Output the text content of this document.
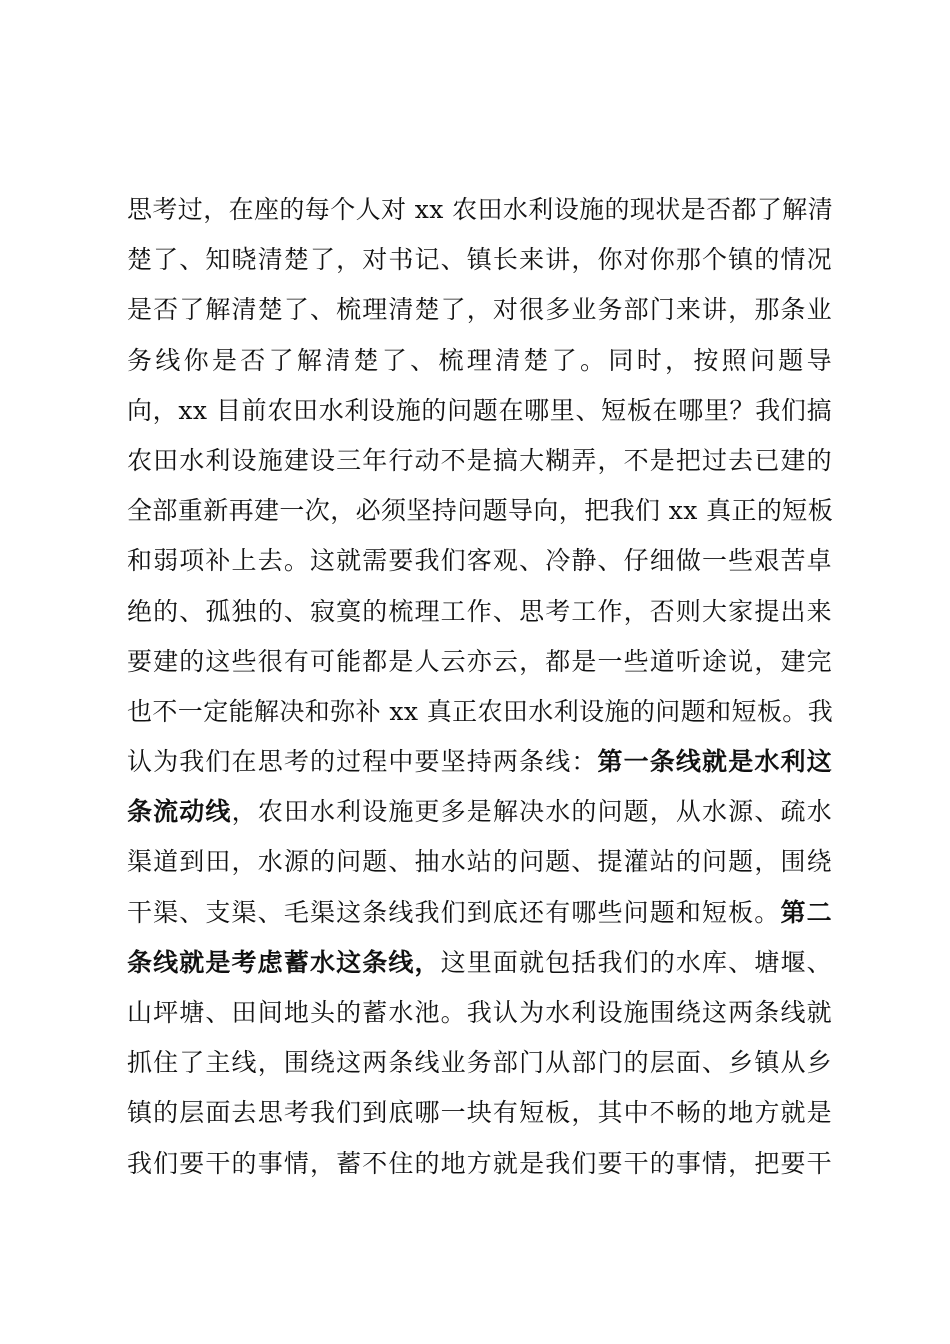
思考过，在座的每个人对 xx 农田水利设施的现状是否都了解清
楚了、知晓清楚了，对书记、镇长来讲，你对你那个镇的情况
是否了解清楚了、梳理清楚了，对很多业务部门来讲，那条业
务线你是否了解清楚了、梳理清楚了。同时，按照问题导
向，xx 目前农田水利设施的问题在哪里、短板在哪里？我们搞
农田水利设施建设三年行动不是搞大糊弄，不是把过去已建的
全部重新再建一次，必须坚持问题导向，把我们 xx 真正的短板
和弱项补上去。这就需要我们客观、冷静、仔细做一些艰苦卓
绝的、孤独的、寂寞的梳理工作、思考工作，否则大家提出来
要建的这些很有可能都是人云亦云，都是一些道听途说，建完
也不一定能解决和弥补 xx 真正农田水利设施的问题和短板。我
认为我们在思考的过程中要坚持两条线：第一条线就是水利这
条流动线，农田水利设施更多是解决水的问题，从水源、疏水
渠道到田，水源的问题、抽水站的问题、提灌站的问题，围绕
干渠、支渠、毛渠这条线我们到底还有哪些问题和短板。第二
条线就是考虑蓄水这条线，这里面就包括我们的水库、塘堰、
山坪塘、田间地头的蓄水池。我认为水利设施围绕这两条线就
抓住了主线，围绕这两条线业务部门从部门的层面、乡镇从乡
镇的层面去思考我们到底哪一块有短板，其中不畅的地方就是
我们要干的事情，蓄不住的地方就是我们要干的事情，把要干
